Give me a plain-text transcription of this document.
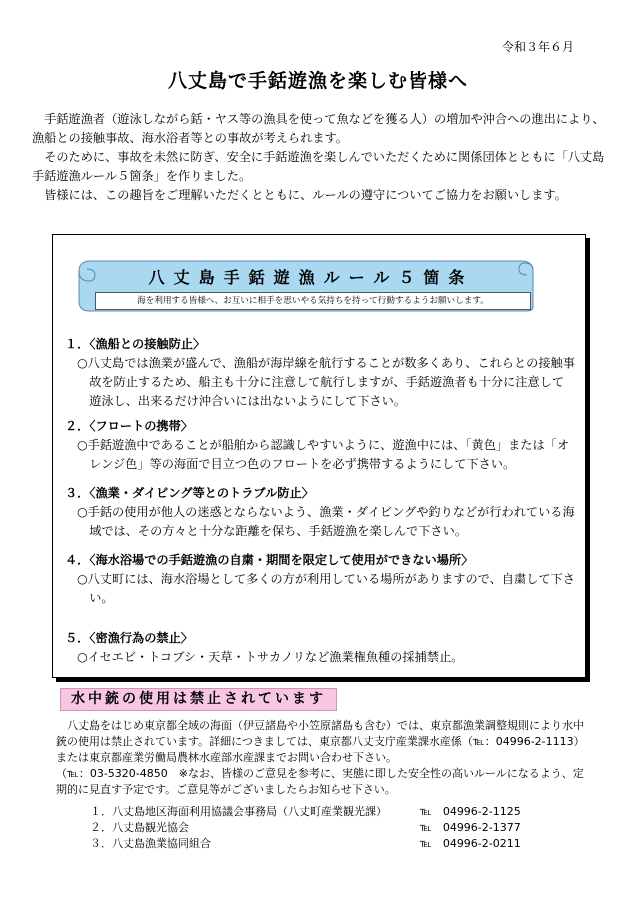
令和３年６月
八丈島で手銛遊漁を楽しむ皆様へ

手銛遊漁者（遊泳しながら銛・ヤス等の漁具を使って魚などを獲る人）の増加や沖合への進出により、漁船との接触事故、海水浴者等との事故が考えられます。

そのために、事故を未然に防ぎ、安全に手銛遊漁を楽しんでいただくために関係団体とともに「八丈島手銛遊漁ルール５箇条」を作りました。

皆様には、この趣旨をご理解いただくとともに、ルールの遵守についてご協力をお願いします。

八丈島手銛遊漁ルール５箇条
海を利用する皆様へ、お互いに相手を思いやる気持ちを持って行動するようお願いします。
１．〈漁船との接触防止〉
○八丈島では漁業が盛んで、漁船が海岸線を航行することが数多くあり、これらとの接触事故を防止するため、船主も十分に注意して航行しますが、手銛遊漁者も十分に注意して遊泳し、出来るだけ沖合いには出ないようにして下さい。
２．〈フロートの携帯〉
○手銛遊漁中であることが船舶から認識しやすいように、遊漁中には、「黄色」または「オレンジ色」等の海面で目立つ色のフロートを必ず携帯するようにして下さい。
３．〈漁業・ダイビング等とのトラブル防止〉
○手銛の使用が他人の迷惑とならないよう、漁業・ダイビングや釣りなどが行われている海域では、その方々と十分な距離を保ち、手銛遊漁を楽しんで下さい。
４．〈海水浴場での手銛遊漁の自粛・期間を限定して使用ができない場所〉
○八丈町には、海水浴場として多くの方が利用している場所がありますので、自粛して下さい。
５．〈密漁行為の禁止〉
○イセエビ・トコブシ・天草・トサカノリなど漁業権魚種の採捕禁止。
水中銃の使用は禁止されています

　八丈島をはじめ東京都全域の海面（伊豆諸島や小笠原諸島も含む）では、東京都漁業調整規則により水中銃の使用は禁止されています。詳細につきましては、東京都八丈支庁産業課水産係（℡：04996-2-1113）または東京都産業労働局農林水産部水産課までお問い合わせ下さい。

（℡：03-5320-4850　※なお、皆様のご意見を参考に、実態に即した安全性の高いルールになるよう、定期的に見直す予定です。ご意見等がございましたらお知らせ下さい。

１．八丈島地区海面利用協議会事務局（八丈町産業観光課）	℡　04996-2-1125
２．八丈島観光協会	℡　04996-2-1377
３．八丈島漁業協同組合	℡　04996-2-0211
